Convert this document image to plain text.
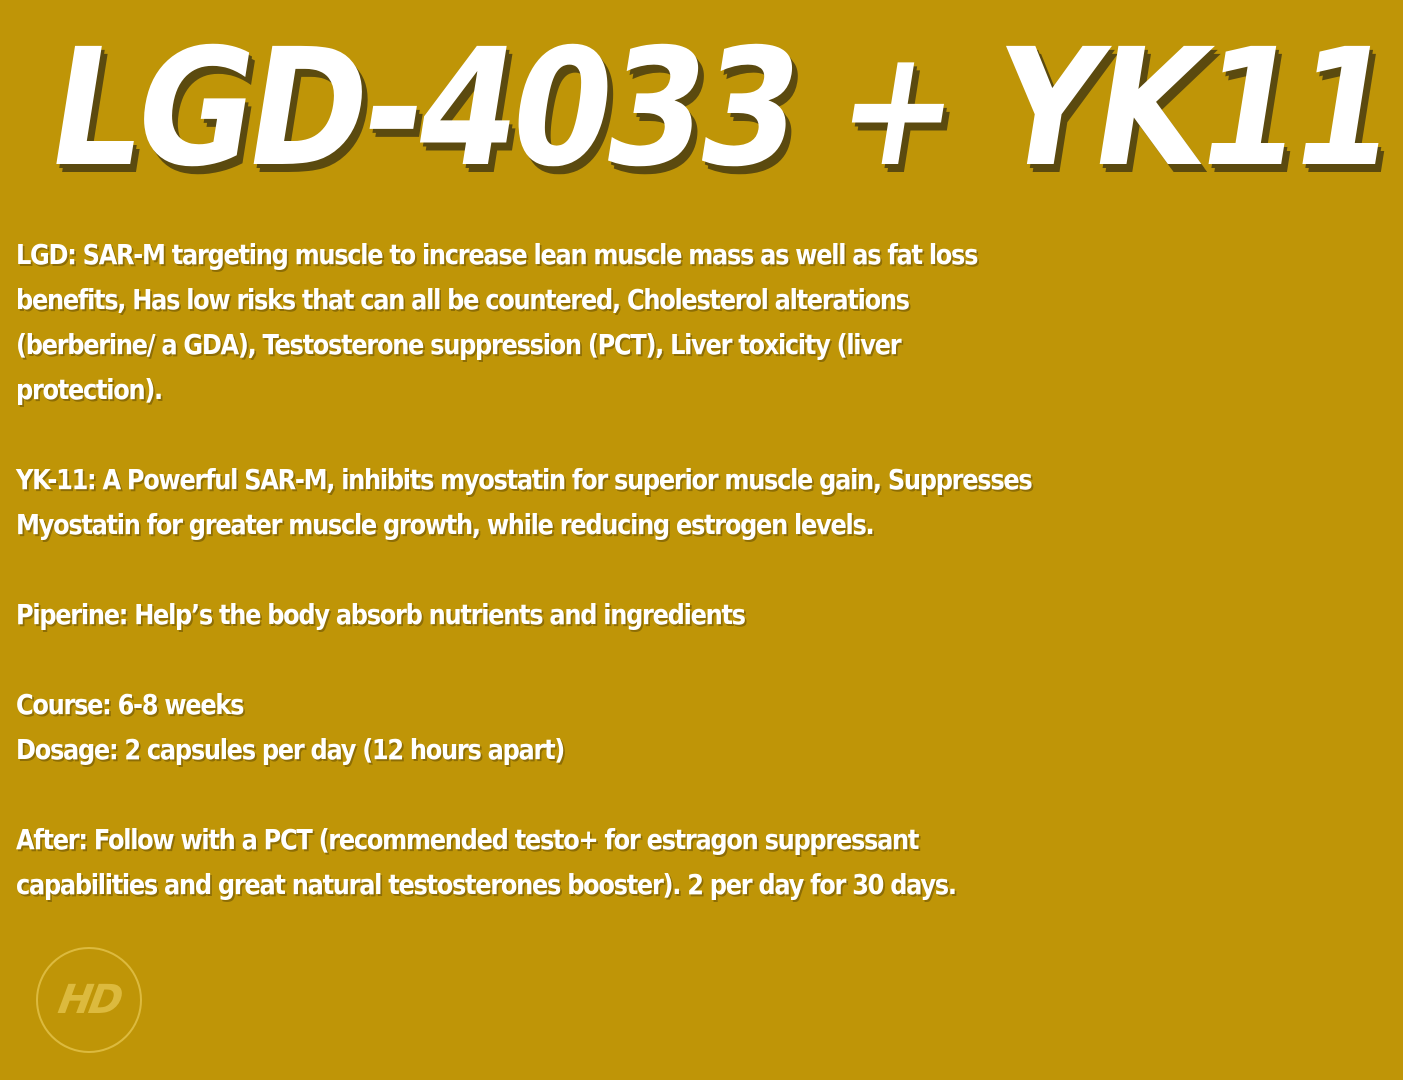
LGD-4033 + YK11

LGD: SAR-M targeting muscle to increase lean muscle mass as well as fat loss

benefits, Has low risks that can all be countered, Cholesterol alterations

(berberine/ a GDA), Testosterone suppression (PCT), Liver toxicity (liver

protection).

YK-11: A Powerful SAR-M, inhibits myostatin for superior muscle gain, Suppresses

Myostatin for greater muscle growth, while reducing estrogen levels.

Piperine: Help’s the body absorb nutrients and ingredients

Course: 6-8 weeks

Dosage: 2 capsules per day (12 hours apart)

After: Follow with a PCT (recommended testo+ for estragon suppressant

capabilities and great natural testosterones booster). 2 per day for 30 days.

HD
